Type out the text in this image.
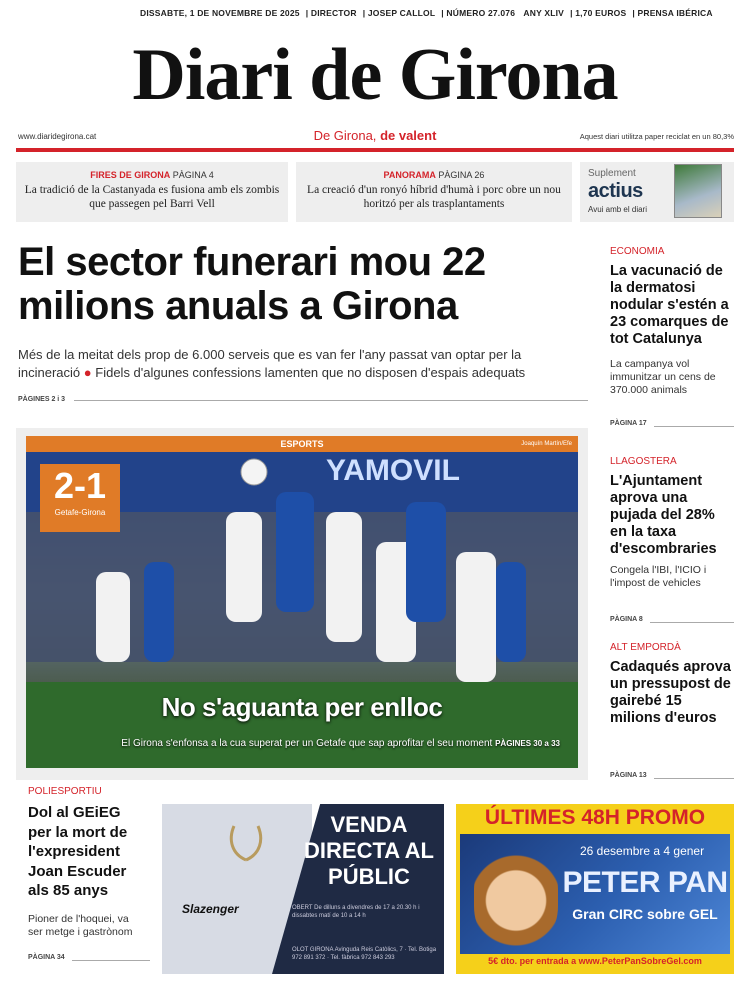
DISSABTE, 1 DE NOVEMBRE DE 2025 | DIRECTOR | JOSEP CALLOL | NÚMERO 27.076 ANY XLIV | 1,70 EUROS | PRENSA IBÉRICA
Diari de Girona
www.diaridegirona.cat	De Girona, de valent	Aquest diari utilitza paper reciclat en un 80,3%
FIRES DE GIRONA PÀGINA 4
La tradició de la Castanyada es fusiona amb els zombis que passegen pel Barri Vell
PANORAMA PÀGINA 26
La creació d'un ronyó híbrid d'humà i porc obre un nou horitzó per als trasplantaments
Suplement
actius
Avui amb el diari
El sector funerari mou 22 milions anuals a Girona
Més de la meitat dels prop de 6.000 serveis que es van fer l'any passat van optar per la incineració ● Fidels d'algunes confessions lamenten que no disposen d'espais adequats
PÀGINES 2 i 3
ESPORTS	Joaquín Martín/Efe
YAMOVIL
2-1
Getafe-Girona
No s'aguanta per enlloc
El Girona s'enfonsa a la cua superat per un Getafe que sap aprofitar el seu moment PÀGINES 30 a 33
ECONOMIA
La vacunació de la dermatosi nodular s'estén a 23 comarques de tot Catalunya
La campanya vol immunitzar un cens de 370.000 animals
PÀGINA 17
LLAGOSTERA
L'Ajuntament aprova una pujada del 28% en la taxa d'escombraries
Congela l'IBI, l'ICIO i l'impost de vehicles
PÀGINA 8
ALT EMPORDÀ
Cadaqués aprova un pressupost de gairebé 15 milions d'euros
PÀGINA 13
POLIESPORTIU
Dol al GEiEG per la mort de l'expresident Joan Escuder als 85 anys
Pioner de l'hoquei, va ser metge i gastrònom
PÀGINA 34
Slazenger
VENDA DIRECTA AL PÚBLIC
OBERT De dilluns a divendres de 17 a 20.30 h i dissabtes matí de 10 a 14 h
OLOT GIRONA Avinguda Reis Catòlics, 7 · Tel. Botiga 972 891 372 · Tel. fàbrica 972 843 293
ÚLTIMES 48H PROMO
26 desembre a 4 gener
PETER PAN
Gran CIRC sobre GEL
5€ dto. per entrada a www.PeterPanSobreGel.com
